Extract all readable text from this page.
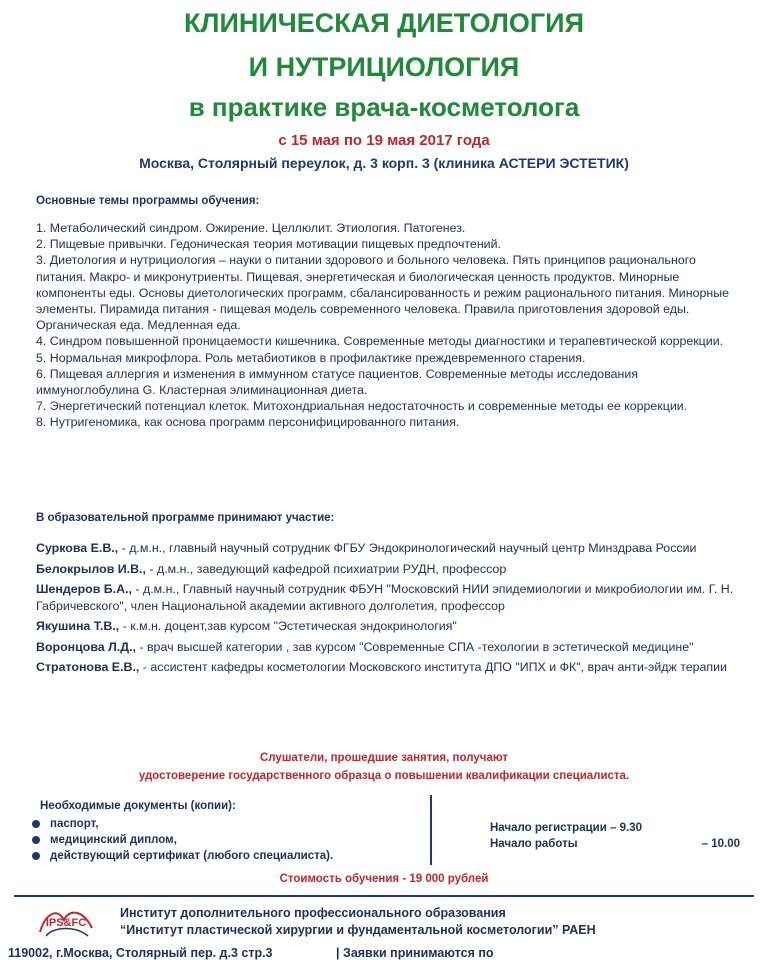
КЛИНИЧЕСКАЯ ДИЕТОЛОГИЯ
И НУТРИЦИОЛОГИЯ
в практике врача-косметолога
с 15 мая по 19 мая 2017 года
Москва, Столярный переулок, д. 3 корп. 3 (клиника АСТЕРИ ЭСТЕТИК)
Основные темы программы обучения:

1. Метаболический синдром. Ожирение. Целлюлит. Этиология. Патогенез.

2. Пищевые привычки. Гедоническая теория мотивации пищевых предпочтений.

3. Диетология и нутрициология – науки о питании здорового и больного человека. Пять принципов рационального питания. Макро- и микронутриенты. Пищевая, энергетическая и биологическая ценность продуктов. Минорные компоненты еды. Основы диетологических программ, сбалансированность и режим рационального питания. Минорные элементы. Пирамида питания - пищевая модель современного человека. Правила приготовления здоровой еды. Органическая еда. Медленная еда.

4. Синдром повышенной проницаемости кишечника. Современные методы диагностики и терапевтической коррекции.

5. Нормальная микрофлора. Роль метабиотиков в профилактике преждевременного старения.

6. Пищевая аллергия и изменения в иммунном статусе пациентов. Современные методы исследования иммуноглобулина G. Кластерная элиминационная диета.

7. Энергетический потенциал клеток. Митохондриальная недостаточность и современные методы ее коррекции.

8. Нутригеномика, как основа программ персонифицированного питания.

В образовательной программе принимают участие:

Суркова Е.В., - д.м.н., главный научный сотрудник ФГБУ Эндокринологический научный центр Минздрава России

Белокрылов И.В., - д.м.н., заведующий кафедрой психиатрии РУДН, профессор

Шендеров Б.А., - д.м.н., Главный научный сотрудник ФБУН "Московский НИИ эпидемиологии и микробиологии им. Г. Н. Габричевского", член Национальной академии активного долголетия, профессор

Якушина Т.В., - к.м.н. доцент,зав курсом "Эстетическая эндокринология"

Воронцова Л.Д., - врач высшей категории , зав курсом "Современные СПА -техологии в эстетической медицине"

Стратонова Е.В., - ассистент кафедры косметологии Московского института ДПО "ИПХ и ФК", врач анти-эйдж терапии

Слушатели, прошедшие занятия, получают
удостоверение государственного образца о повышении квалификации специалиста.
Необходимые документы (копии):
паспорт,
медицинский диплом,
действующий сертификат (любого специалиста).
Начало регистрации – 9.30
Начало работы	– 10.00
Стоимость обучения - 19 000 рублей
IPS&FC
Институт дополнительного профессионального образования
“Институт пластической хирургии и фундаментальной косметологии” РАЕН
119002, г.Москва, Столярный пер. д.3 стр.3	| Заявки принимаются по
